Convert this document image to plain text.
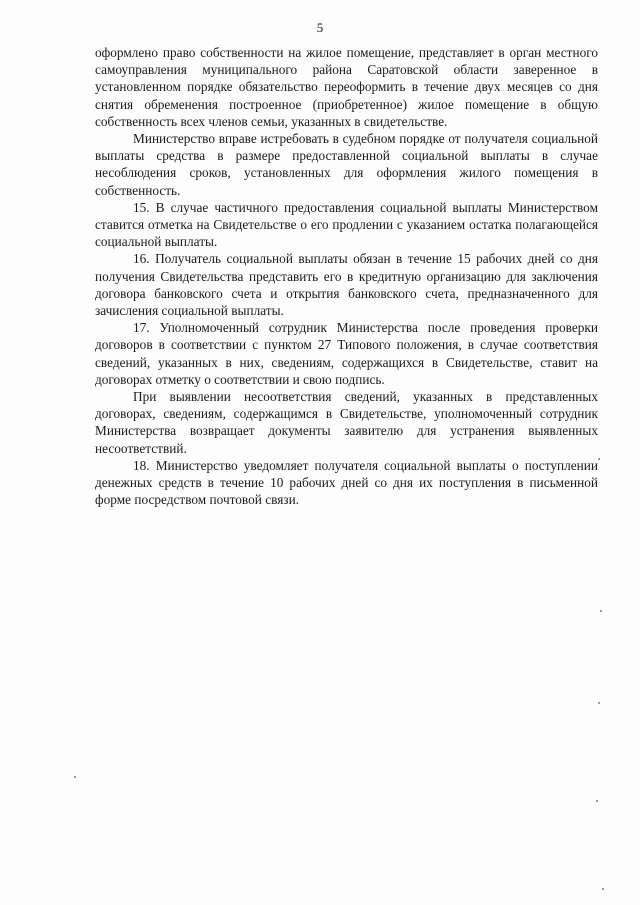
5

оформлено право собственности на жилое помещение, представляет в орган местного самоуправления муниципального района Саратовской области заверенное в установленном порядке обязательство переоформить в течение двух месяцев со дня снятия обременения построенное (приобретенное) жилое помещение в общую собственность всех членов семьи, указанных в свидетельстве.

Министерство вправе истребовать в судебном порядке от получателя социальной выплаты средства в размере предоставленной социальной выплаты в случае несоблюдения сроков, установленных для оформления жилого помещения в собственность.

15. В случае частичного предоставления социальной выплаты Министерством ставится отметка на Свидетельстве о его продлении с указанием остатка полагающейся социальной выплаты.

16. Получатель социальной выплаты обязан в течение 15 рабочих дней со дня получения Свидетельства представить его в кредитную организацию для заключения договора банковского счета и открытия банковского счета, предназначенного для зачисления социальной выплаты.

17. Уполномоченный сотрудник Министерства после проведения проверки договоров в соответствии с пунктом 27 Типового положения, в случае соответствия сведений, указанных в них, сведениям, содержащихся в Свидетельстве, ставит на договорах отметку о соответствии и свою подпись.

При выявлении несоответствия сведений, указанных в представленных договорах, сведениям, содержащимся в Свидетельстве, уполномоченный сотрудник Министерства возвращает документы заявителю для устранения выявленных несоответствий.

18. Министерство уведомляет получателя социальной выплаты о поступлении денежных средств в течение 10 рабочих дней со дня их поступления в письменной форме посредством почтовой связи.
